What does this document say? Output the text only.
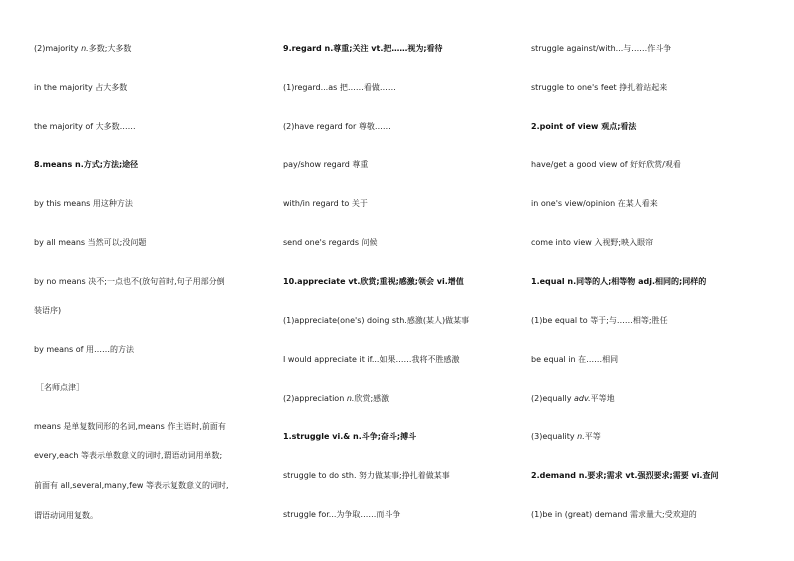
(2)majority n.多数;大多数
in the majority 占大多数
the majority of 大多数……
8.means n.方式;方法;途径
by this means 用这种方法
by all means 当然可以;没问题
by no means 决不;一点也不(放句首时,句子用部分倒
装语序)
by means of 用……的方法
［名师点津］
means 是单复数同形的名词,means 作主语时,前面有
every,each 等表示单数意义的词时,谓语动词用单数;
前面有 all,several,many,few 等表示复数意义的词时,
谓语动词用复数。
9.regard n.尊重;关注 vt.把……视为;看待
(1)regard...as 把……看做……
(2)have regard for 尊敬……
pay/show regard 尊重
with/in regard to 关于
send one's regards 问候
10.appreciate vt.欣赏;重视;感激;领会 vi.增值
(1)appreciate(one's) doing sth.感激(某人)做某事
I would appreciate it if...如果……我将不胜感激
(2)appreciation n.欣赏;感激
1.struggle vi.& n.斗争;奋斗;搏斗
struggle to do sth. 努力做某事;挣扎着做某事
struggle for...为争取……而斗争
struggle against/with...与……作斗争
struggle to one's feet 挣扎着站起来
2.point of view 观点;看法
have/get a good view of 好好欣赏/观看
in one's view/opinion 在某人看来
come into view 入视野;映入眼帘
1.equal n.同等的人;相等物 adj.相同的;同样的
(1)be equal to 等于;与……相等;胜任
be equal in 在……相同
(2)equally adv.平等地
(3)equality n.平等
2.demand n.要求;需求 vt.强烈要求;需要 vi.查问
(1)be in (great) demand 需求量大;受欢迎的
